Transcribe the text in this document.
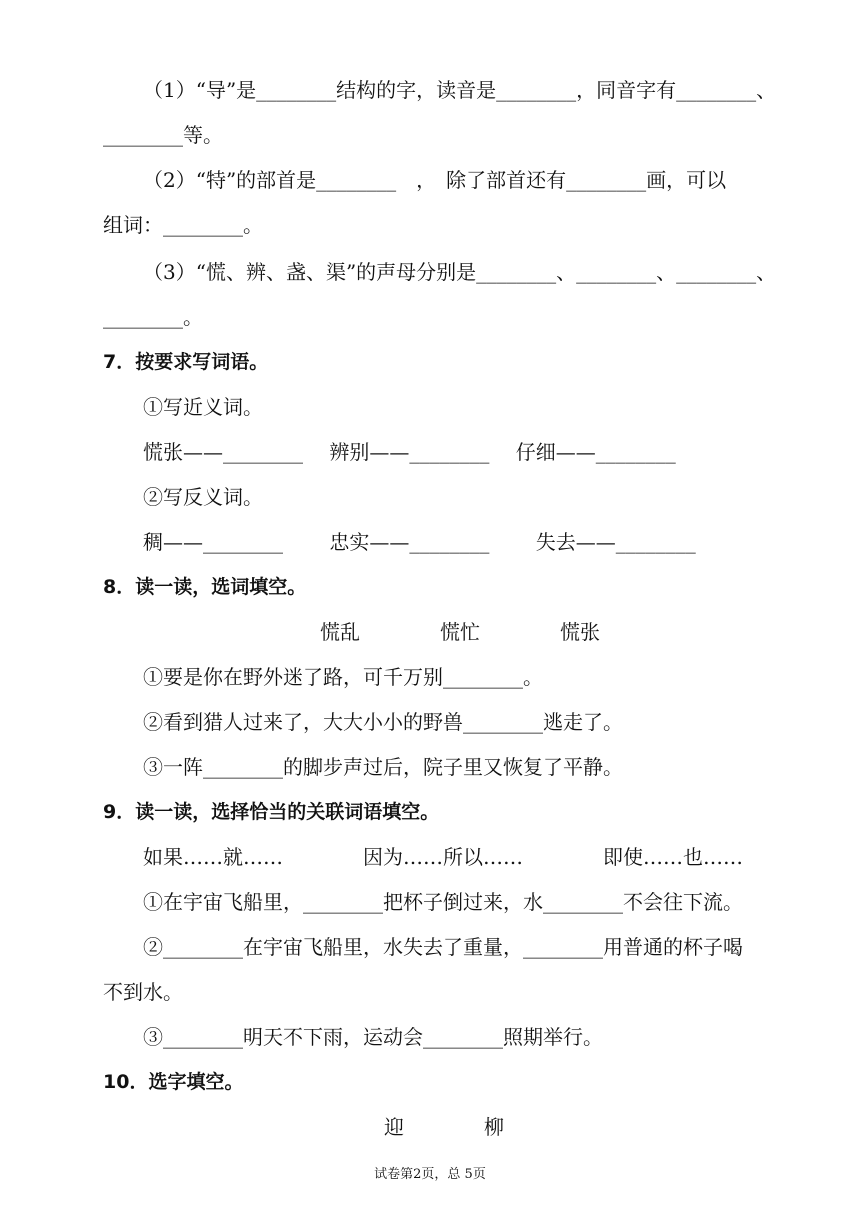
（1）“导”是________结构的字，读音是________，同音字有________、
________等。
（2）“特”的部首是________　，　除了部首还有________画，可以
组词：________。
（3）“慌、辨、盏、渠”的声母分别是________、________、________、
________。
7．按要求写词语。
①写近义词。
慌张——________　 辨别——________　 仔细——________
②写反义词。
稠——________　　 忠实——________　　 失去——________
8．读一读，选词填空。
慌乱　　　　慌忙　　　　慌张
①要是你在野外迷了路，可千万别________。
②看到猎人过来了，大大小小的野兽________逃走了。
③一阵________的脚步声过后，院子里又恢复了平静。
9．读一读，选择恰当的关联词语填空。
如果……就……　　　　因为……所以……　　　　即使……也……
①在宇宙飞船里，________把杯子倒过来，水________不会往下流。
②________在宇宙飞船里，水失去了重量，________用普通的杯子喝
不到水。
③________明天不下雨，运动会________照期举行。
10．选字填空。
迎　　　　柳
试卷第2页，总 5页
